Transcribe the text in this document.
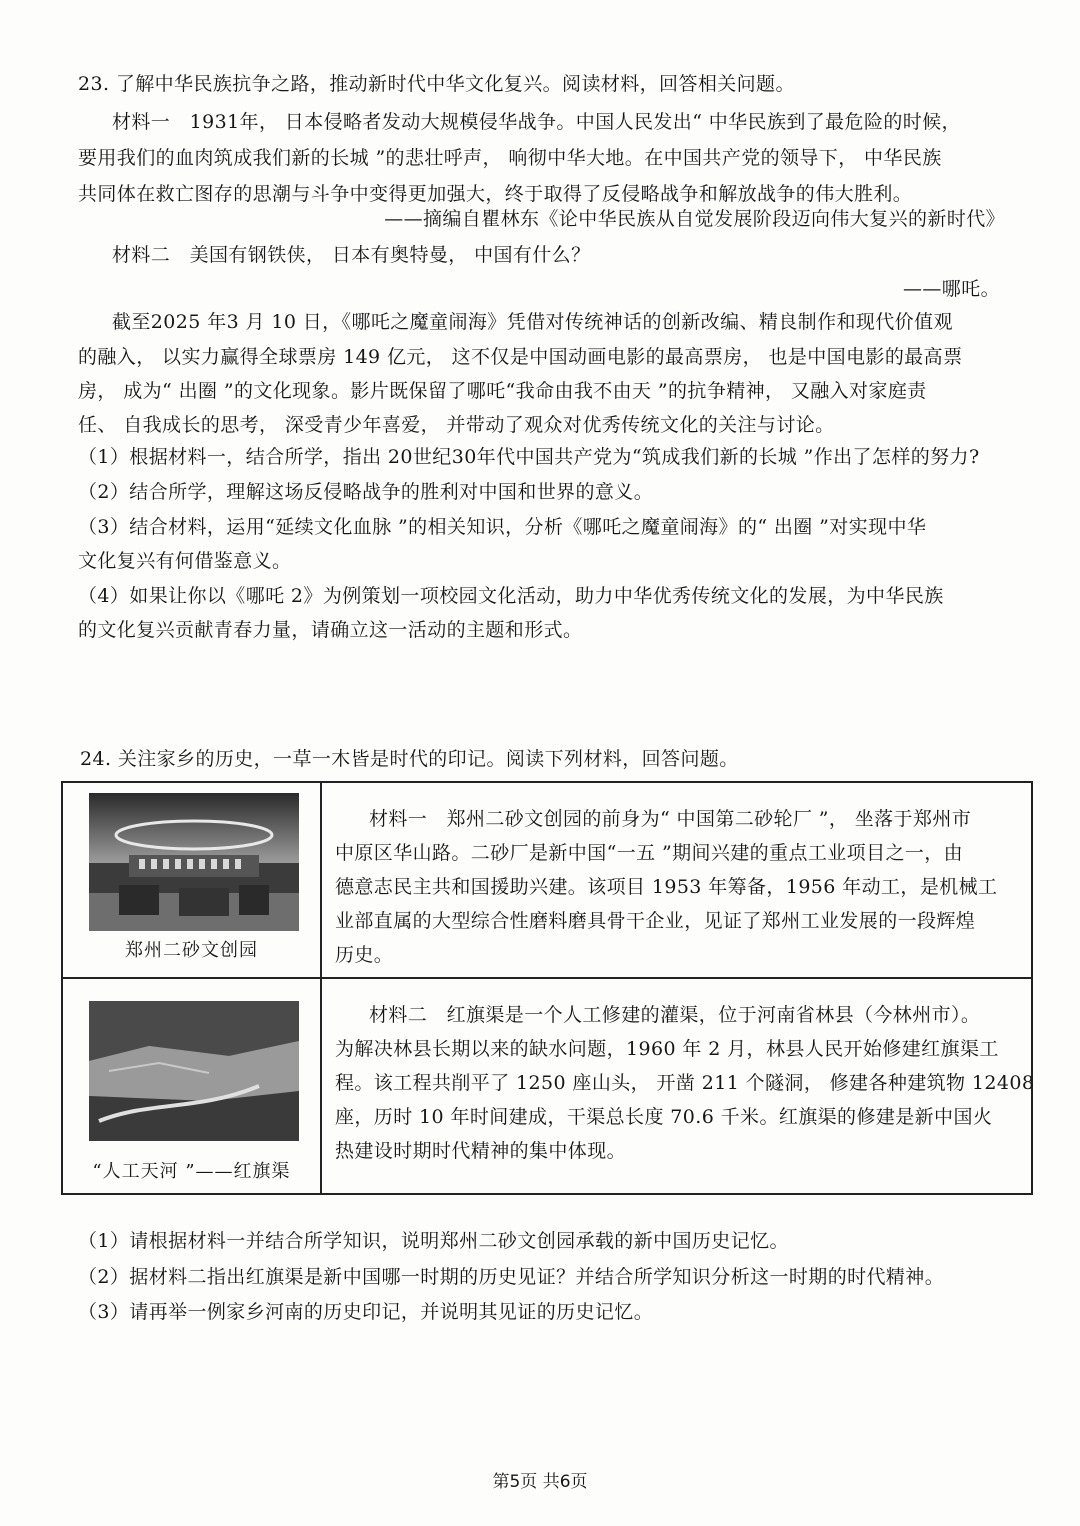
23. 了解中华民族抗争之路，推动新时代中华文化复兴。阅读材料，回答相关问题。
材料一　1931年， 日本侵略者发动大规模侵华战争。中国人民发出“ 中华民族到了最危险的时候，
要用我们的血肉筑成我们新的长城 ”的悲壮呼声， 响彻中华大地。在中国共产党的领导下， 中华民族
共同体在救亡图存的思潮与斗争中变得更加强大，终于取得了反侵略战争和解放战争的伟大胜利。
——摘编自瞿林东《论中华民族从自觉发展阶段迈向伟大复兴的新时代》
材料二　美国有钢铁侠， 日本有奥特曼， 中国有什么？
——哪吒。
截至2025 年3 月 10 日，《哪吒之魔童闹海》凭借对传统神话的创新改编、精良制作和现代价值观
的融入， 以实力赢得全球票房 149 亿元， 这不仅是中国动画电影的最高票房， 也是中国电影的最高票
房， 成为“ 出圈 ”的文化现象。影片既保留了哪吒“我命由我不由天 ”的抗争精神， 又融入对家庭责
任、 自我成长的思考， 深受青少年喜爱， 并带动了观众对优秀传统文化的关注与讨论。
（1）根据材料一，结合所学，指出 20世纪30年代中国共产党为“筑成我们新的长城 ”作出了怎样的努力?
（2）结合所学，理解这场反侵略战争的胜利对中国和世界的意义。
（3）结合材料，运用“延续文化血脉 ”的相关知识，分析《哪吒之魔童闹海》的“ 出圈 ”对实现中华
文化复兴有何借鉴意义。
（4）如果让你以《哪吒 2》为例策划一项校园文化活动，助力中华优秀传统文化的发展，为中华民族
的文化复兴贡献青春力量，请确立这一活动的主题和形式。
24. 关注家乡的历史，一草一木皆是时代的印记。阅读下列材料，回答问题。
郑州二砂文创园
材料一　郑州二砂文创园的前身为“ 中国第二砂轮厂 ”， 坐落于郑州市
中原区华山路。二砂厂是新中国“一五 ”期间兴建的重点工业项目之一，由
德意志民主共和国援助兴建。该项目 1953 年筹备，1956 年动工，是机械工
业部直属的大型综合性磨料磨具骨干企业，见证了郑州工业发展的一段辉煌
历史。
“人工天河 ”——红旗渠
材料二　红旗渠是一个人工修建的灌渠，位于河南省林县（今林州市）。
为解决林县长期以来的缺水问题，1960 年 2 月，林县人民开始修建红旗渠工
程。该工程共削平了 1250 座山头， 开凿 211 个隧洞， 修建各种建筑物 12408
座，历时 10 年时间建成，干渠总长度 70.6 千米。红旗渠的修建是新中国火
热建设时期时代精神的集中体现。
（1）请根据材料一并结合所学知识，说明郑州二砂文创园承载的新中国历史记忆。
（2）据材料二指出红旗渠是新中国哪一时期的历史见证？并结合所学知识分析这一时期的时代精神。
（3）请再举一例家乡河南的历史印记，并说明其见证的历史记忆。
第5页 共6页
